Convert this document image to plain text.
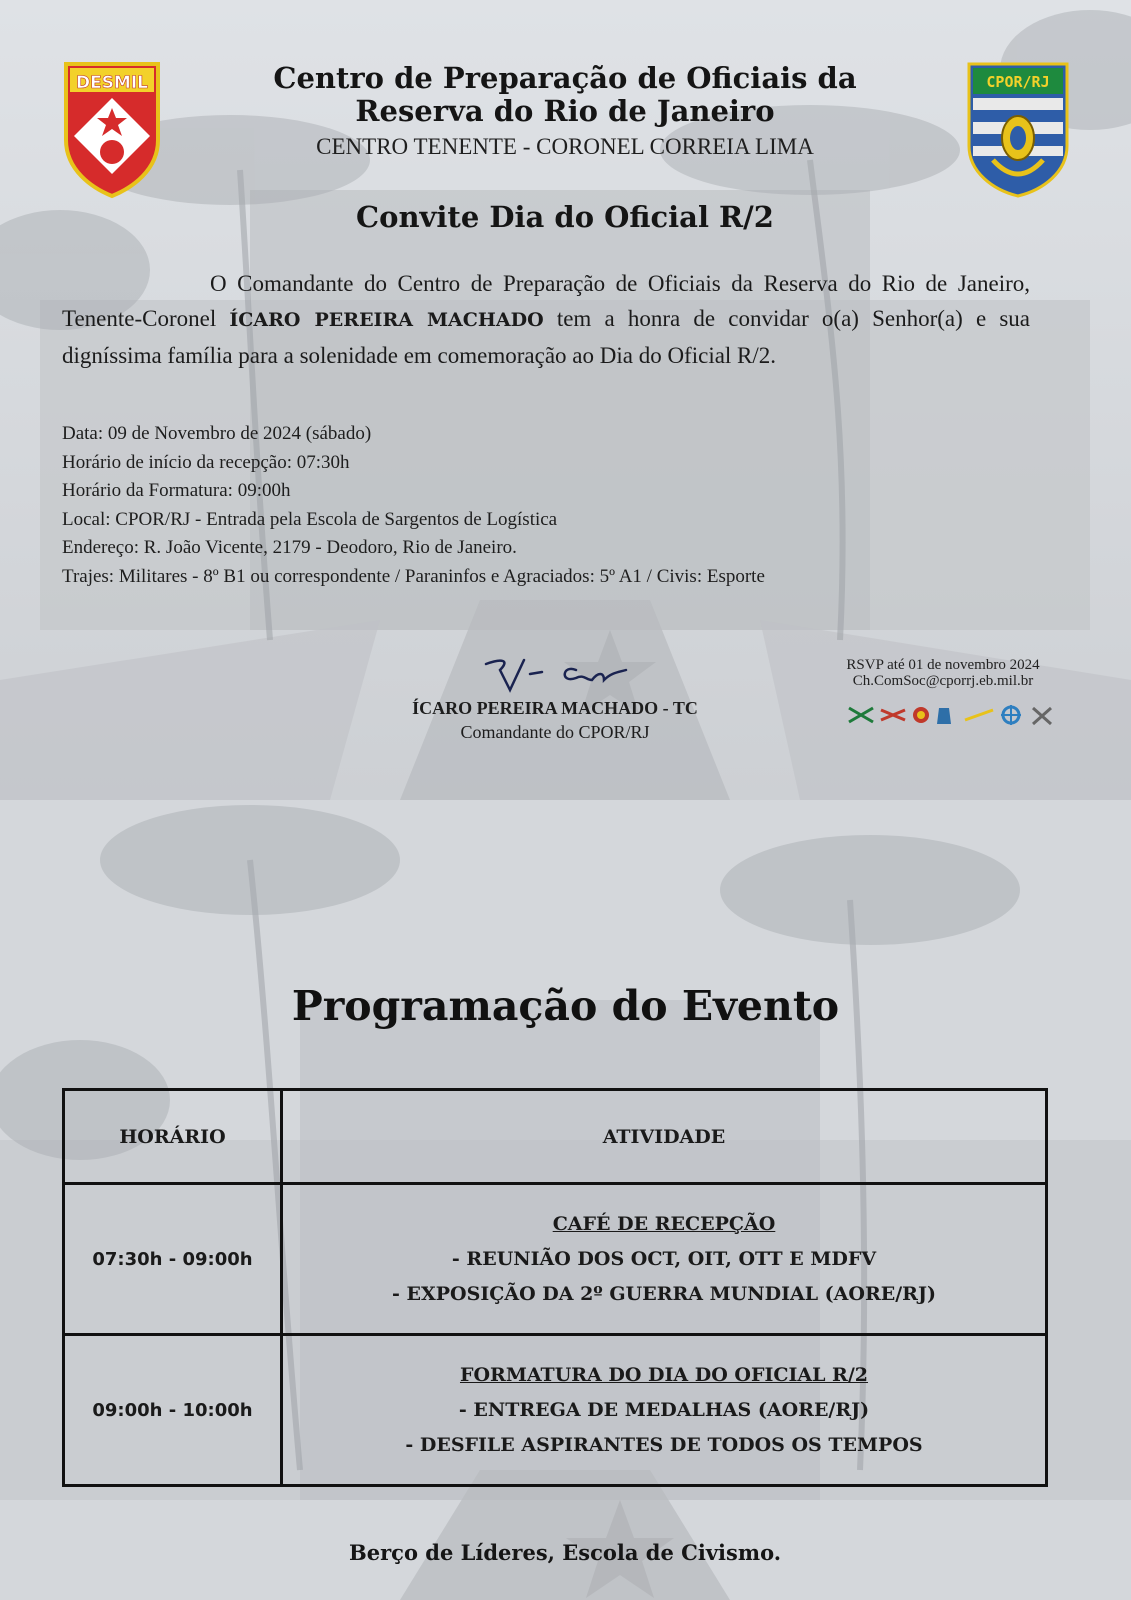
DESMIL	CPOR/RJ
Centro de Preparação de Oficiais da
Reserva do Rio de Janeiro
CENTRO TENENTE - CORONEL CORREIA LIMA
Convite Dia do Oficial R/2
O Comandante do Centro de Preparação de Oficiais da Reserva do Rio de Janeiro, Tenente-Coronel ÍCARO PEREIRA MACHADO tem a honra de convidar o(a) Senhor(a) e sua digníssima família para a solenidade em comemoração ao Dia do Oficial R/2.
Data: 09 de Novembro de 2024 (sábado)
Horário de início da recepção: 07:30h
Horário da Formatura: 09:00h
Local: CPOR/RJ - Entrada pela Escola de Sargentos de Logística
Endereço: R. João Vicente, 2179 - Deodoro, Rio de Janeiro.
Trajes: Militares - 8º B1 ou correspondente / Paraninfos e Agraciados: 5º A1 / Civis: Esporte
ÍCARO PEREIRA MACHADO - TC
Comandante do CPOR/RJ
RSVP até 01 de novembro 2024
Ch.ComSoc@cporrj.eb.mil.br
Programação do Evento
HORÁRIO	ATIVIDADE
07:30h - 09:00h	CAFÉ DE RECEPÇÃO
- REUNIÃO DOS OCT, OIT, OTT E MDFV
- EXPOSIÇÃO DA 2º GUERRA MUNDIAL (AORE/RJ)

09:00h - 10:00h	FORMATURA DO DIA DO OFICIAL R/2
- ENTREGA DE MEDALHAS (AORE/RJ)
- DESFILE ASPIRANTES DE TODOS OS TEMPOS
Berço de Líderes, Escola de Civismo.
